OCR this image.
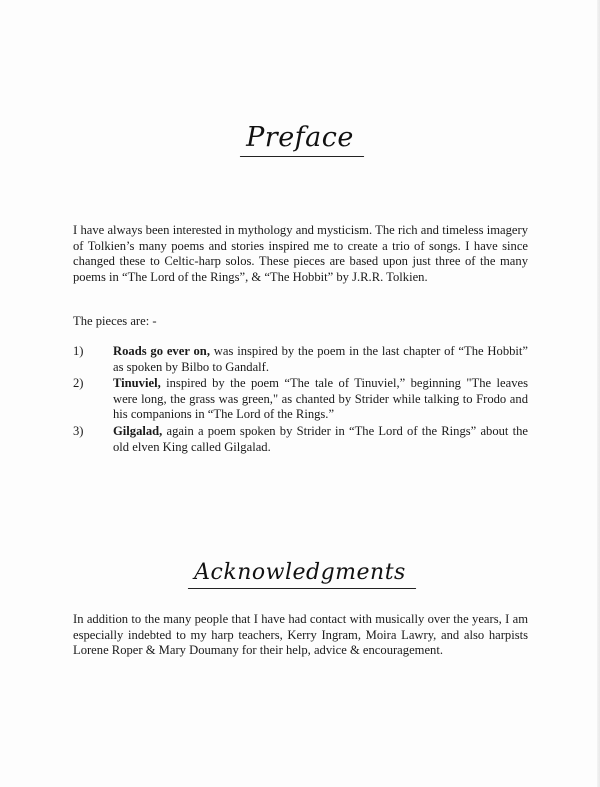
Preface

I have always been interested in mythology and mysticism. The rich and timeless imagery of Tolkien’s many poems and stories inspired me to create a trio of songs. I have since changed these to Celtic-harp solos. These pieces are based upon just three of the many poems in “The Lord of the Rings”, & “The Hobbit” by J.R.R. Tolkien.

The pieces are: -

1)	Roads go ever on, was inspired by the poem in the last chapter of “The Hobbit” as spoken by Bilbo to Gandalf.
2)	Tinuviel, inspired by the poem “The tale of Tinuviel,” beginning "The leaves were long, the grass was green," as chanted by Strider while talking to Frodo and his companions in “The Lord of the Rings.”
3)	Gilgalad, again a poem spoken by Strider in “The Lord of the Rings” about the old elven King called Gilgalad.
Acknowledgments

In addition to the many people that I have had contact with musically over the years, I am especially indebted to my harp teachers, Kerry Ingram, Moira Lawry, and also harpists Lorene Roper & Mary Doumany for their help, advice & encouragement.
